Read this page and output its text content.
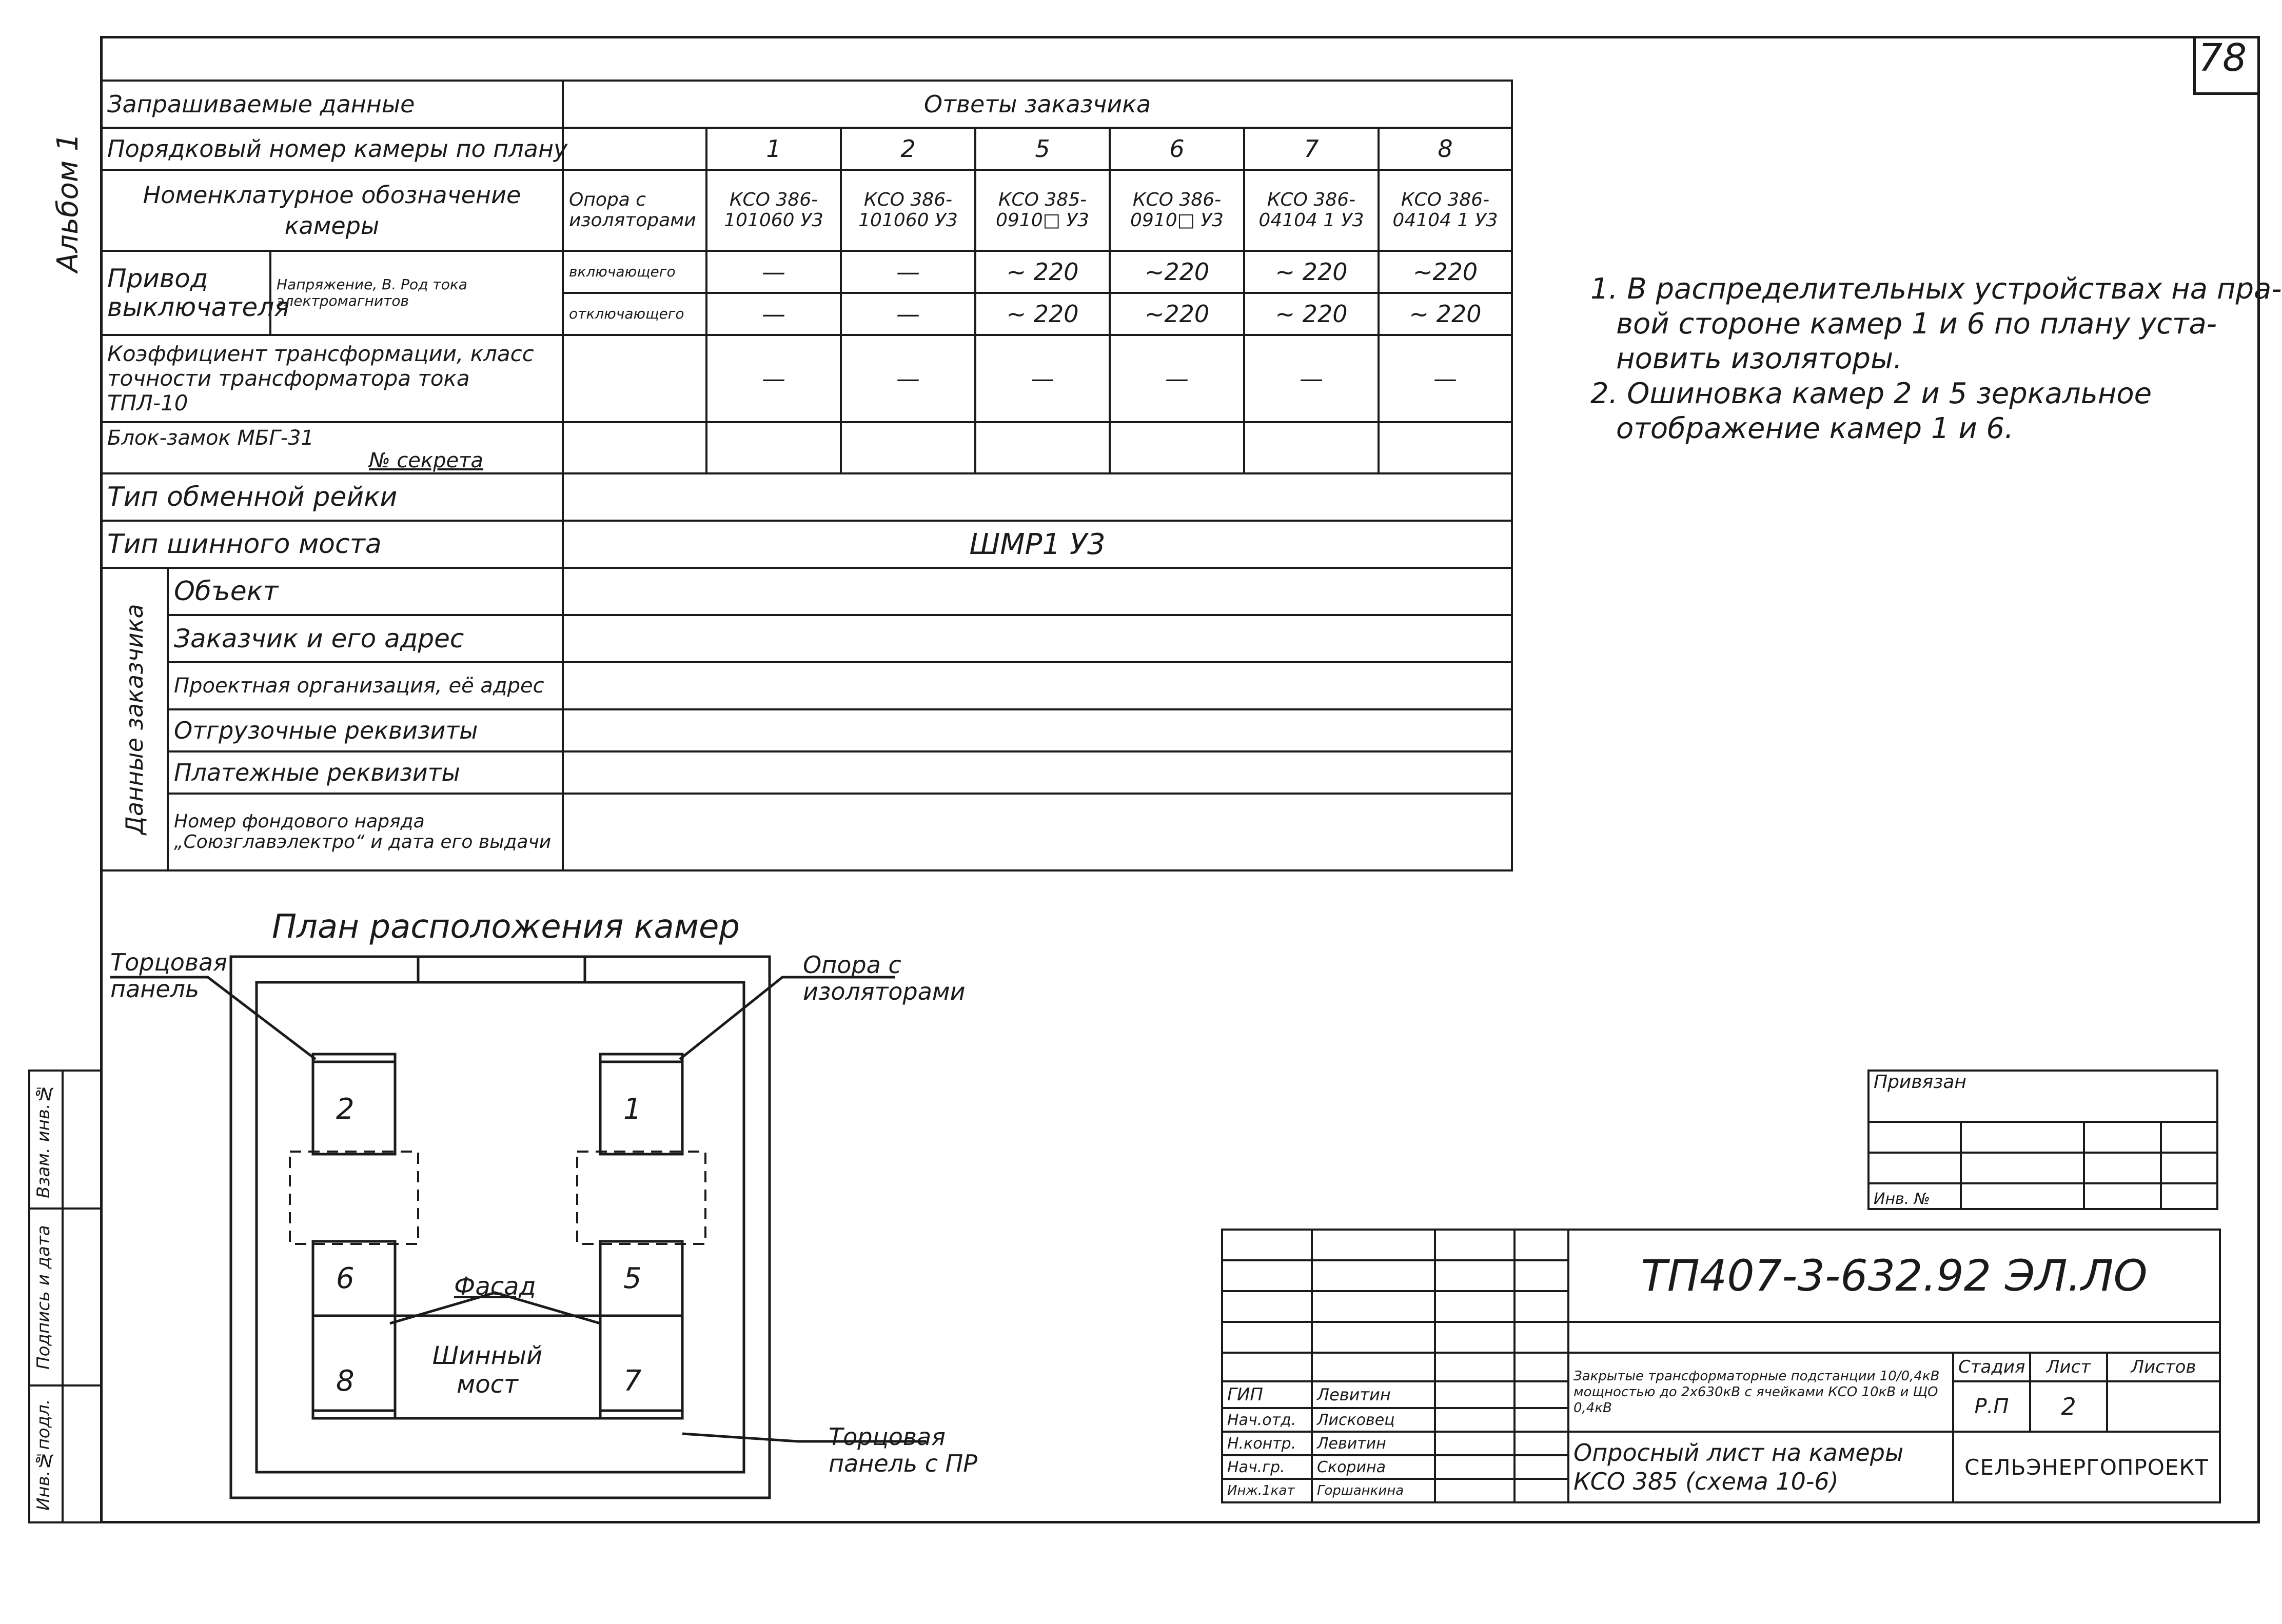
78
Альбом 1
Запрашиваемые данные			Ответы заказчика						
Порядковый номер камеры по плану				1	2	5	6	7	8
Номенклатурное обозначение камеры			Опора с изоляторами	КСО 386-101060 У3	КСО 386-101060 У3	КСО 385-0910□ У3	КСО 386-0910□ У3	КСО 386-04104 1 У3	КСО 386-04104 1 У3
Привод выключателя		Напряжение, В. Род тока электромагнитов	включающего	—	—	~ 220	~220	~ 220	~220
			отключающего	—	—	~ 220	~220	~ 220	~ 220
Коэффициент трансформации, класс точности трансформатора тока ТПЛ-10				—	—	—	—	—	—

Блок-замок МБГ-31
№ секрета									

Тип обменной рейки									
Тип шинного моста			ШМР1 У3						

Данные заказчика	Объект								
	Заказчик и его адрес								
	Проектная организация, её адрес								
	Отгрузочные реквизиты								
	Платежные реквизиты								
	Номер фондового наряда „Союзглавэлектро“ и дата его выдачи								
1. В распределительных устройствах на пра-
вой стороне камер 1 и 6 по плану уста-
новить изоляторы.
2. Ошиновка камер 2 и 5 зеркальное
отображение камер 1 и 6.
План расположения камер
2	1
6	5
8	7
Торцовая панель
Опора с изоляторами
Фасад
Шинный мост
Торцовая панель с ПР
Привязан			

Инв. №			
				ТП407-3-632.92 ЭЛ.ЛО			

				Закрытые трансформаторные подстанции 10/0,4кВ мощностью до 2x630кВ с ячейками КСО 10кВ и ЩО 0,4кВ	Стадия	Лист	Листов
ГИП	Левитин				Р.П	2	
Нач.отд.	Лисковец						
Н.контр.	Левитин			Опросный лист на камеры КСО 385 (схема 10-6)	СЕЛЬЭНЕРГОПРОЕКТ		
Нач.гр.	Скорина						
Инж.1кат	Горшанкина						
Взам. инв.№
Подпись и дата
Инв.№подл.
